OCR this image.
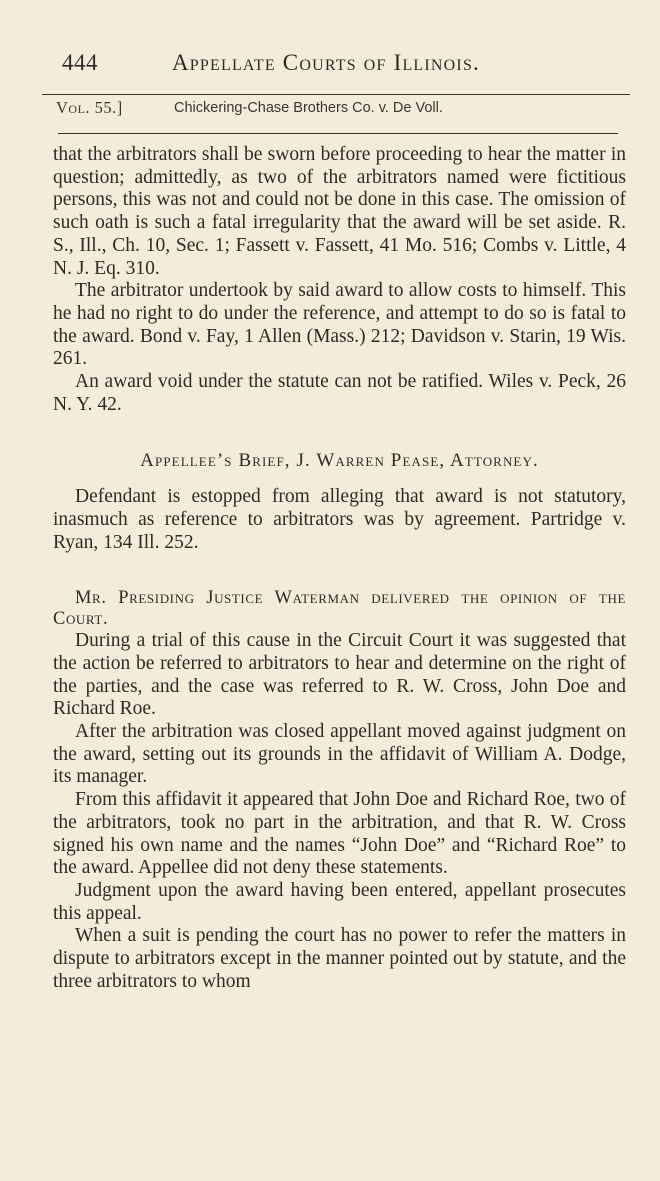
444	Appellate Courts of Illinois.
Vol. 55.]	Chickering-Chase Brothers Co. v. De Voll.

that the arbitrators shall be sworn before proceeding to hear the matter in question; admittedly, as two of the arbitrators named were fictitious persons, this was not and could not be done in this case. The omission of such oath is such a fatal irregularity that the award will be set aside. R. S., Ill., Ch. 10, Sec. 1; Fassett v. Fassett, 41 Mo. 516; Combs v. Little, 4 N. J. Eq. 310.

The arbitrator undertook by said award to allow costs to himself. This he had no right to do under the reference, and attempt to do so is fatal to the award. Bond v. Fay, 1 Allen (Mass.) 212; Davidson v. Starin, 19 Wis. 261.

An award void under the statute can not be ratified. Wiles v. Peck, 26 N. Y. 42.

Appellee’s Brief, J. Warren Pease, Attorney.

Defendant is estopped from alleging that award is not statutory, inasmuch as reference to arbitrators was by agreement. Partridge v. Ryan, 134 Ill. 252.

Mr. Presiding Justice Waterman delivered the opinion of the Court.

During a trial of this cause in the Circuit Court it was suggested that the action be referred to arbitrators to hear and determine on the right of the parties, and the case was referred to R. W. Cross, John Doe and Richard Roe.

After the arbitration was closed appellant moved against judgment on the award, setting out its grounds in the affidavit of William A. Dodge, its manager.

From this affidavit it appeared that John Doe and Richard Roe, two of the arbitrators, took no part in the arbitration, and that R. W. Cross signed his own name and the names “John Doe” and “Richard Roe” to the award. Appellee did not deny these statements.

Judgment upon the award having been entered, appellant prosecutes this appeal.

When a suit is pending the court has no power to refer the matters in dispute to arbitrators except in the manner pointed out by statute, and the three arbitrators to whom
